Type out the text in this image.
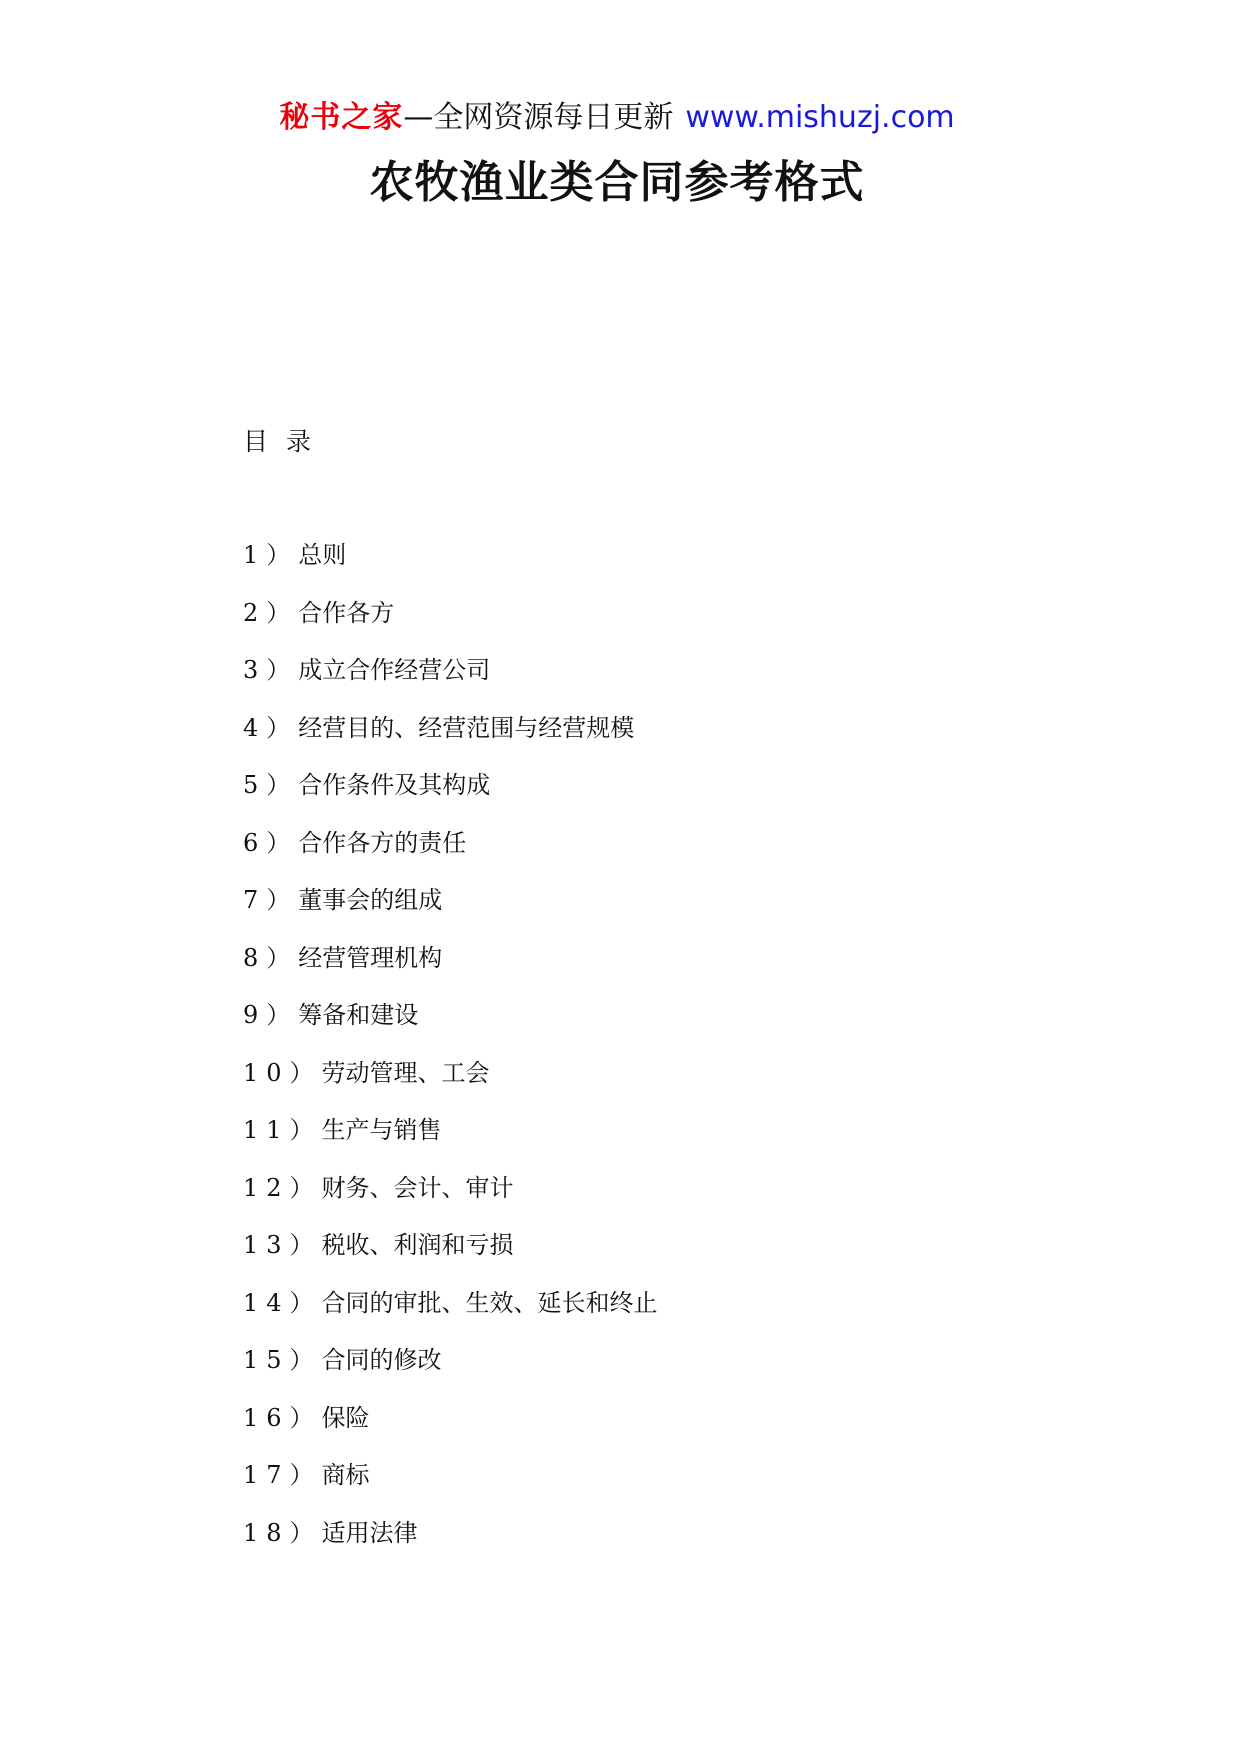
秘书之家—全网资源每日更新 www.mishuzj.com
农牧渔业类合同参考格式
目 录
1）总则
2）合作各方
3）成立合作经营公司
4）经营目的、经营范围与经营规模
5）合作条件及其构成
6）合作各方的责任
7）董事会的组成
8）经营管理机构
9）筹备和建设
10）劳动管理、工会
11）生产与销售
12）财务、会计、审计
13）税收、利润和亏损
14）合同的审批、生效、延长和终止
15）合同的修改
16）保险
17）商标
18）适用法律
